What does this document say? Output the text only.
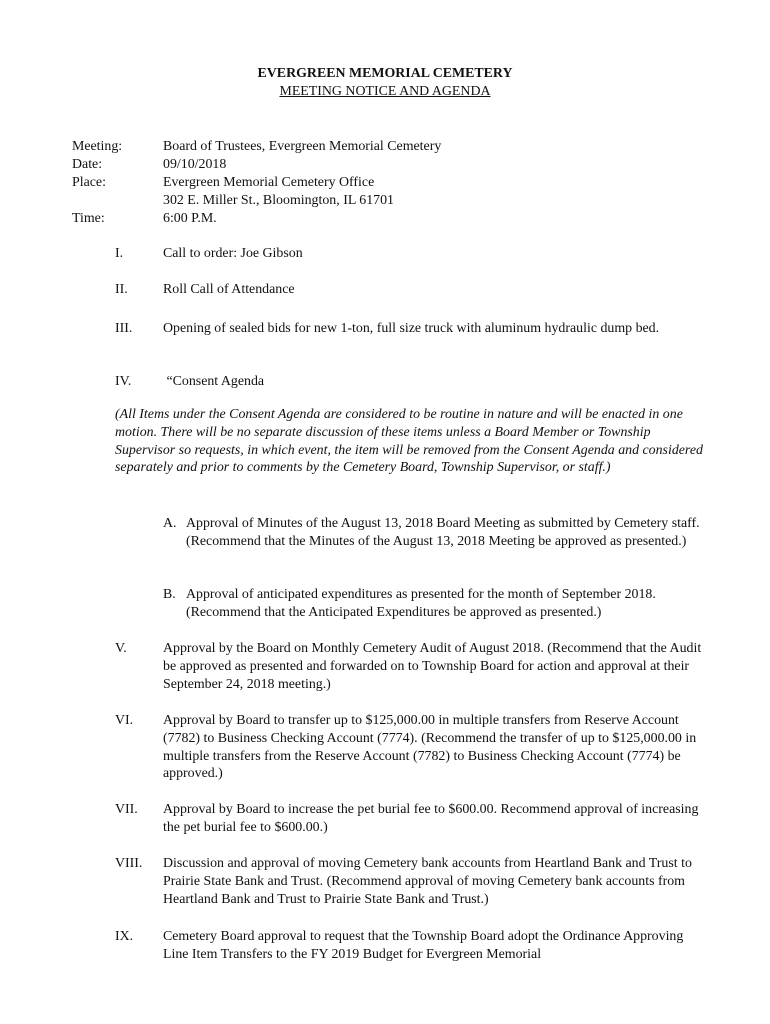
EVERGREEN MEMORIAL CEMETERY
MEETING NOTICE AND AGENDA
Meeting:	Board of Trustees, Evergreen Memorial Cemetery
Date:	09/10/2018
Place:	Evergreen Memorial Cemetery Office
302 E. Miller St., Bloomington, IL 61701
Time:	6:00 P.M.
I.	Call to order: Joe Gibson
II.	Roll Call of Attendance
III. Opening of sealed bids for new 1-ton, full size truck with aluminum hydraulic dump bed.
IV. “Consent Agenda
(All Items under the Consent Agenda are considered to be routine in nature and will be enacted in one motion. There will be no separate discussion of these items unless a Board Member or Township Supervisor so requests, in which event, the item will be removed from the Consent Agenda and considered separately and prior to comments by the Cemetery Board, Township Supervisor, or staff.)
A. Approval of Minutes of the August 13, 2018 Board Meeting as submitted by Cemetery staff. (Recommend that the Minutes of the August 13, 2018 Meeting be approved as presented.)
B. Approval of anticipated expenditures as presented for the month of September 2018. (Recommend that the Anticipated Expenditures be approved as presented.)
V.	Approval by the Board on Monthly Cemetery Audit of August 2018. (Recommend that the Audit be approved as presented and forwarded on to Township Board for action and approval at their September 24, 2018 meeting.)
VI. Approval by Board to transfer up to $125,000.00 in multiple transfers from Reserve Account (7782) to Business Checking Account (7774). (Recommend the transfer of up to $125,000.00 in multiple transfers from the Reserve Account (7782) to Business Checking Account (7774) be approved.)
VII. Approval by Board to increase the pet burial fee to $600.00. Recommend approval of increasing the pet burial fee to $600.00.)
VIII. Discussion and approval of moving Cemetery bank accounts from Heartland Bank and Trust to Prairie State Bank and Trust. (Recommend approval of moving Cemetery bank accounts from Heartland Bank and Trust to Prairie State Bank and Trust.)
IX. Cemetery Board approval to request that the Township Board adopt the Ordinance Approving Line Item Transfers to the FY 2019 Budget for Evergreen Memorial
